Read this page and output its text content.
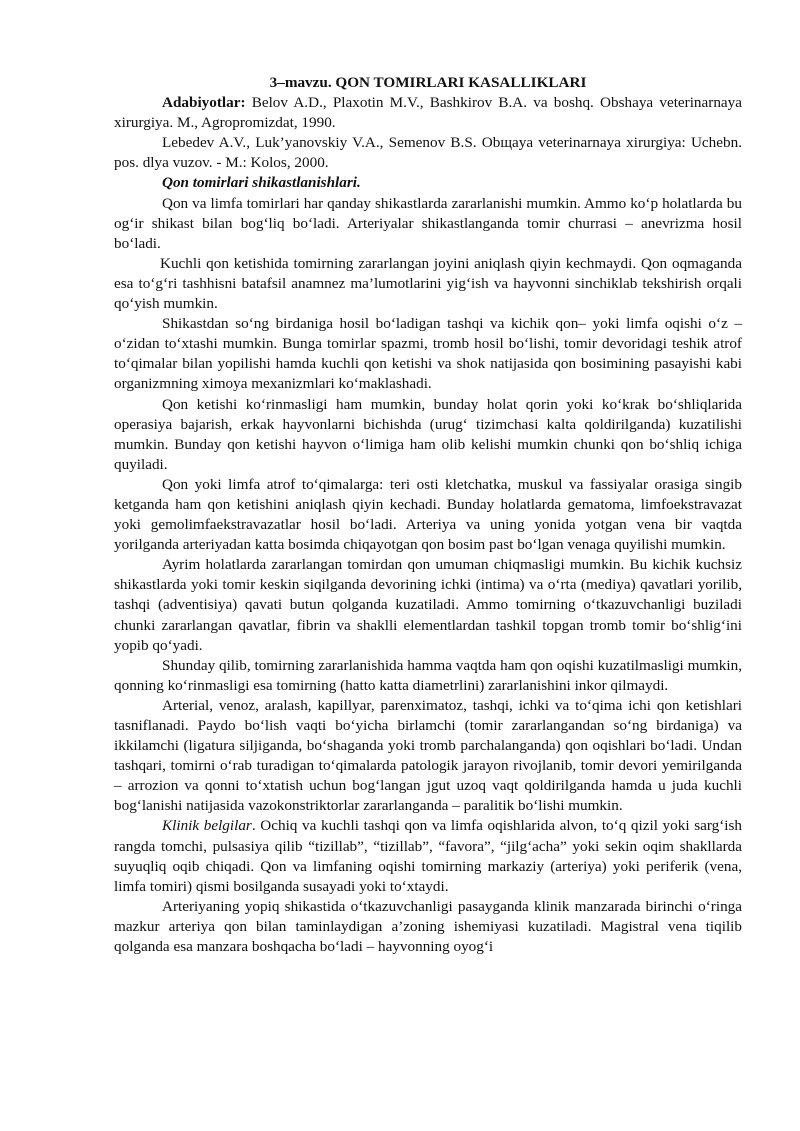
3–mavzu. QON TOMIRLARI KASALLIKLARI

Adabiyotlar: Belov A.D., Plaxotin M.V., Bashkirov B.A. va boshq. Obshaya veterinarnaya xirurgiya. M., Agropromizdat, 1990.

Lebedev A.V., Luk’yanovskiy V.A., Semenov B.S. Obщaya veterinarnaya xirurgiya: Uchebn. pos. dlya vuzov. - M.: Kolos, 2000.

Qon tomirlari shikastlanishlari.

Qon va limfa tomirlari har qanday shikastlarda zararlanishi mumkin. Ammo ko‘p holatlarda bu og‘ir shikast bilan bog‘liq bo‘ladi. Arteriyalar shikastlanganda tomir churrasi – anevrizma hosil bo‘ladi.

Kuchli qon ketishida tomirning zararlangan joyini aniqlash qiyin kechmaydi. Qon oqmaganda esa to‘g‘ri tashhisni batafsil anamnez ma’lumotlarini yig‘ish va hayvonni sinchiklab tekshirish orqali qo‘yish mumkin.

Shikastdan so‘ng birdaniga hosil bo‘ladigan tashqi va kichik qon– yoki limfa oqishi o‘z – o‘zidan to‘xtashi mumkin. Bunga tomirlar spazmi, tromb hosil bo‘lishi, tomir devoridagi teshik atrof to‘qimalar bilan yopilishi hamda kuchli qon ketishi va shok natijasida qon bosimining pasayishi kabi organizmning ximoya mexanizmlari ko‘maklashadi.

Qon ketishi ko‘rinmasligi ham mumkin, bunday holat qorin yoki ko‘krak bo‘shliqlarida operasiya bajarish, erkak hayvonlarni bichishda (urug‘ tizimchasi kalta qoldirilganda) kuzatilishi mumkin. Bunday qon ketishi hayvon o‘limiga ham olib kelishi mumkin chunki qon bo‘shliq ichiga quyiladi.

Qon yoki limfa atrof to‘qimalarga: teri osti kletchatka, muskul va fassiyalar orasiga singib ketganda ham qon ketishini aniqlash qiyin kechadi. Bunday holatlarda gematoma, limfoekstravazat yoki gemolimfaekstravazatlar hosil bo‘ladi. Arteriya va uning yonida yotgan vena bir vaqtda yorilganda arteriyadan katta bosimda chiqayotgan qon bosim past bo‘lgan venaga quyilishi mumkin.

Ayrim holatlarda zararlangan tomirdan qon umuman chiqmasligi mumkin. Bu kichik kuchsiz shikastlarda yoki tomir keskin siqilganda devorining ichki (intima) va o‘rta (mediya) qavatlari yorilib, tashqi (adventisiya) qavati butun qolganda kuzatiladi. Ammo tomirning o‘tkazuvchanligi buziladi chunki zararlangan qavatlar, fibrin va shaklli elementlardan tashkil topgan tromb tomir bo‘shlig‘ini yopib qo‘yadi.

Shunday qilib, tomirning zararlanishida hamma vaqtda ham qon oqishi kuzatilmasligi mumkin, qonning ko‘rinmasligi esa tomirning (hatto katta diametrlini) zararlanishini inkor qilmaydi.

Arterial, venoz, aralash, kapillyar, parenximatoz, tashqi, ichki va to‘qima ichi qon ketishlari tasniflanadi. Paydo bo‘lish vaqti bo‘yicha birlamchi (tomir zararlangandan so‘ng birdaniga) va ikkilamchi (ligatura siljiganda, bo‘shaganda yoki tromb parchalanganda) qon oqishlari bo‘ladi. Undan tashqari, tomirni o‘rab turadigan to‘qimalarda patologik jarayon rivojlanib, tomir devori yemirilganda – arrozion va qonni to‘xtatish uchun bog‘langan jgut uzoq vaqt qoldirilganda hamda u juda kuchli bog‘lanishi natijasida vazokonstriktorlar zararlanganda – paralitik bo‘lishi mumkin.

Klinik belgilar. Ochiq va kuchli tashqi qon va limfa oqishlarida alvon, to‘q qizil yoki sarg‘ish rangda tomchi, pulsasiya qilib “tizillab”, “tizillab”, “favora”, “jilg‘acha” yoki sekin oqim shakllarda suyuqliq oqib chiqadi. Qon va limfaning oqishi tomirning markaziy (arteriya) yoki periferik (vena, limfa tomiri) qismi bosilganda susayadi yoki to‘xtaydi.

Arteriyaning yopiq shikastida o‘tkazuvchanligi pasayganda klinik manzarada birinchi o‘ringa mazkur arteriya qon bilan taminlaydigan a’zoning ishemiyasi kuzatiladi. Magistral vena tiqilib qolganda esa manzara boshqacha bo‘ladi – hayvonning oyog‘i
